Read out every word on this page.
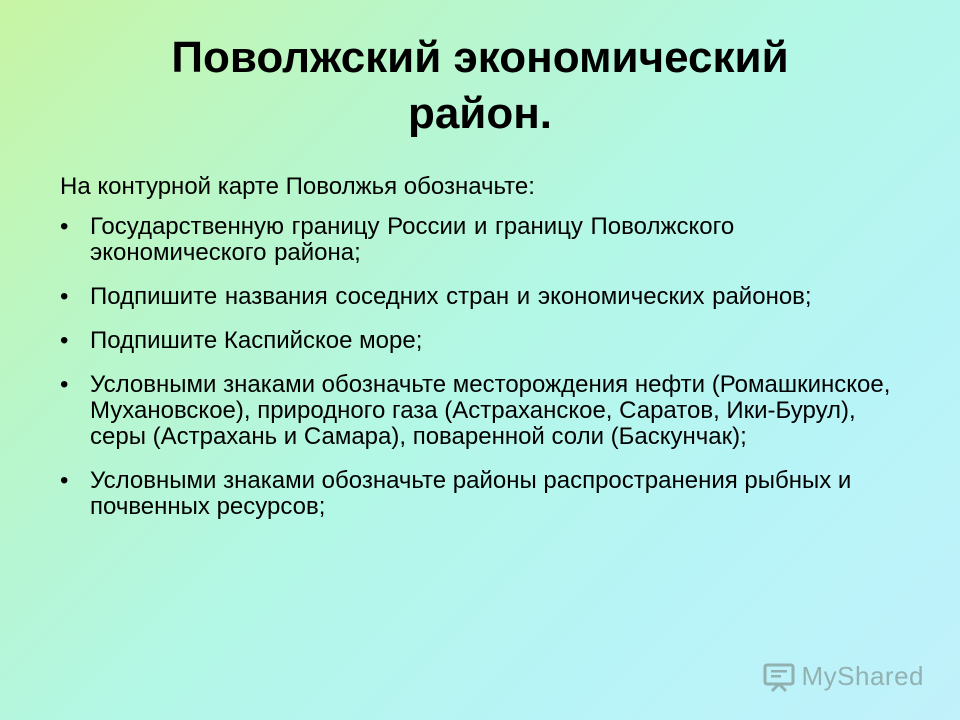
Поволжский экономический
район.

На контурной карте Поволжья обозначьте:

• Государственную границу России и границу Поволжского экономического района;
• Подпишите названия соседних стран и экономических районов;
• Подпишите Каспийское море;
• Условными знаками обозначьте месторождения нефти (Ромашкинское, Мухановское), природного газа (Астраханское, Саратов, Ики-Бурул), серы (Астрахань и Самара), поваренной соли (Баскунчак);
• Условными знаками обозначьте районы распространения рыбных и почвенных ресурсов;
MyShared
